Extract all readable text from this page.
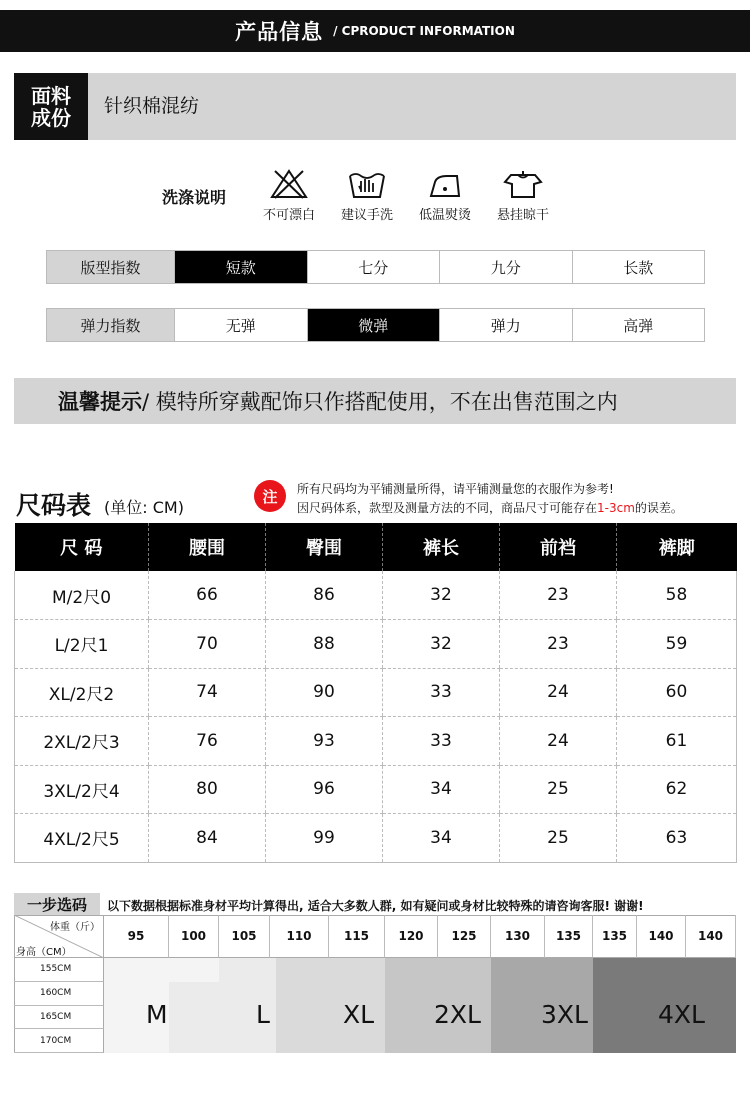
产品信息 / CPRODUCT INFORMATION
面料
成份 针织棉混纺
洗涤说明
不可漂白	建议手洗	低温熨烫	悬挂晾干
版型指数	短款	七分	九分	长款
弹力指数	无弹	微弹	弹力	高弹
温馨提示 / 模特所穿戴配饰只作搭配使用，不在出售范围之内
尺码表 (单位: CM)
注	所有尺码均为平铺测量所得，请平铺测量您的衣服作为参考!
因尺码体系，款型及测量方法的不同，商品尺寸可能存在1-3cm的误差。
尺 码	腰围	臀围	裤长	前裆	裤脚
M/2尺0	66	86	32	23	58
L/2尺1	70	88	32	23	59
XL/2尺2	74	90	33	24	60
2XL/2尺3	76	93	33	24	61
3XL/2尺4	80	96	34	25	62
4XL/2尺5	84	99	34	25	63
一步选码	以下数据根据标准身材平均计算得出, 适合大多数人群, 如有疑问或身材比较特殊的请咨询客服! 谢谢!
体重（斤）
身高（CM）
95	100	105	110	115	120	125	130	135	135	140	140
155CM
160CM
165CM
170CM
M	L	XL 2XL 3XL	4XL
